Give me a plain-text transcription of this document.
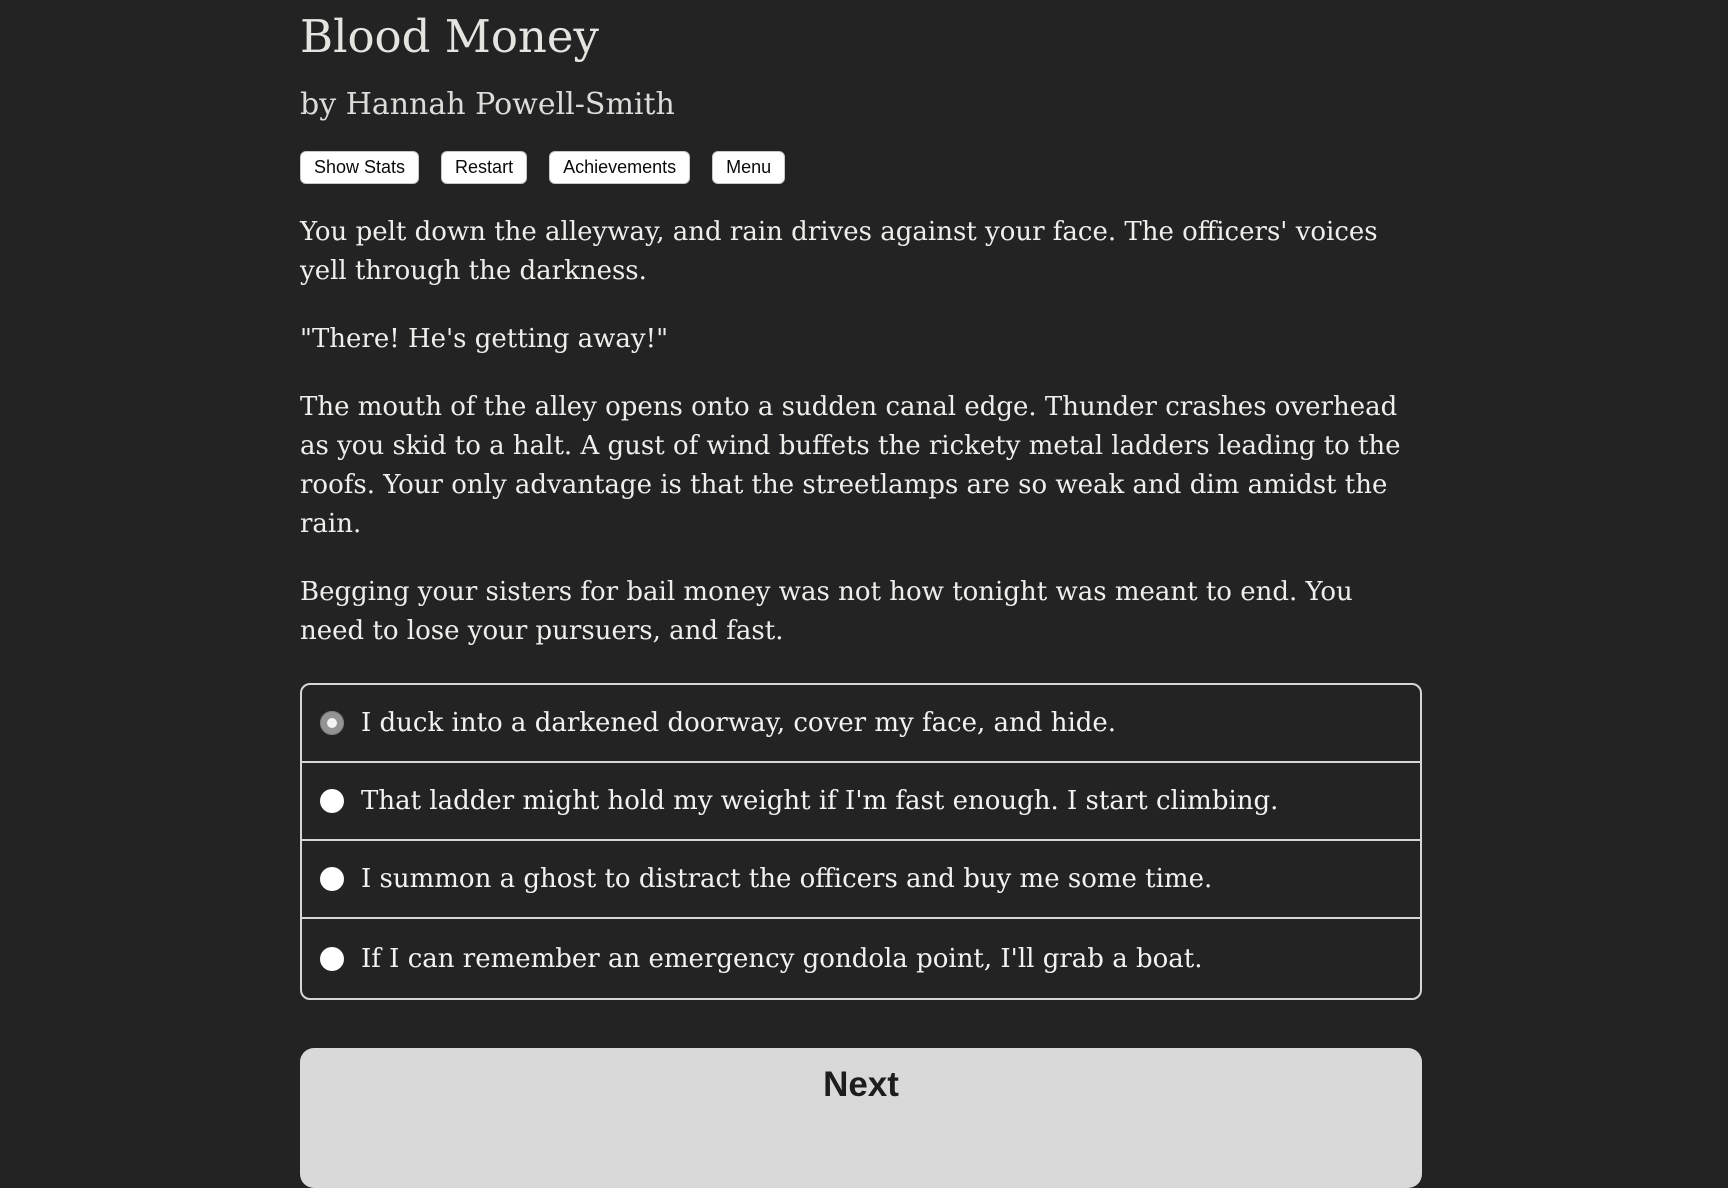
Blood Money
by Hannah Powell-Smith
Show Stats	Restart	Achievements	Menu

You pelt down the alleyway, and rain drives against your face. The officers' voices yell through the darkness.

"There! He's getting away!"

The mouth of the alley opens onto a sudden canal edge. Thunder crashes overhead as you skid to a halt. A gust of wind buffets the rickety metal ladders leading to the roofs. Your only advantage is that the streetlamps are so weak and dim amidst the rain.

Begging your sisters for bail money was not how tonight was meant to end. You need to lose your pursuers, and fast.

I duck into a darkened doorway, cover my face, and hide.
That ladder might hold my weight if I'm fast enough. I start climbing.
I summon a ghost to distract the officers and buy me some time.
If I can remember an emergency gondola point, I'll grab a boat.
Next
